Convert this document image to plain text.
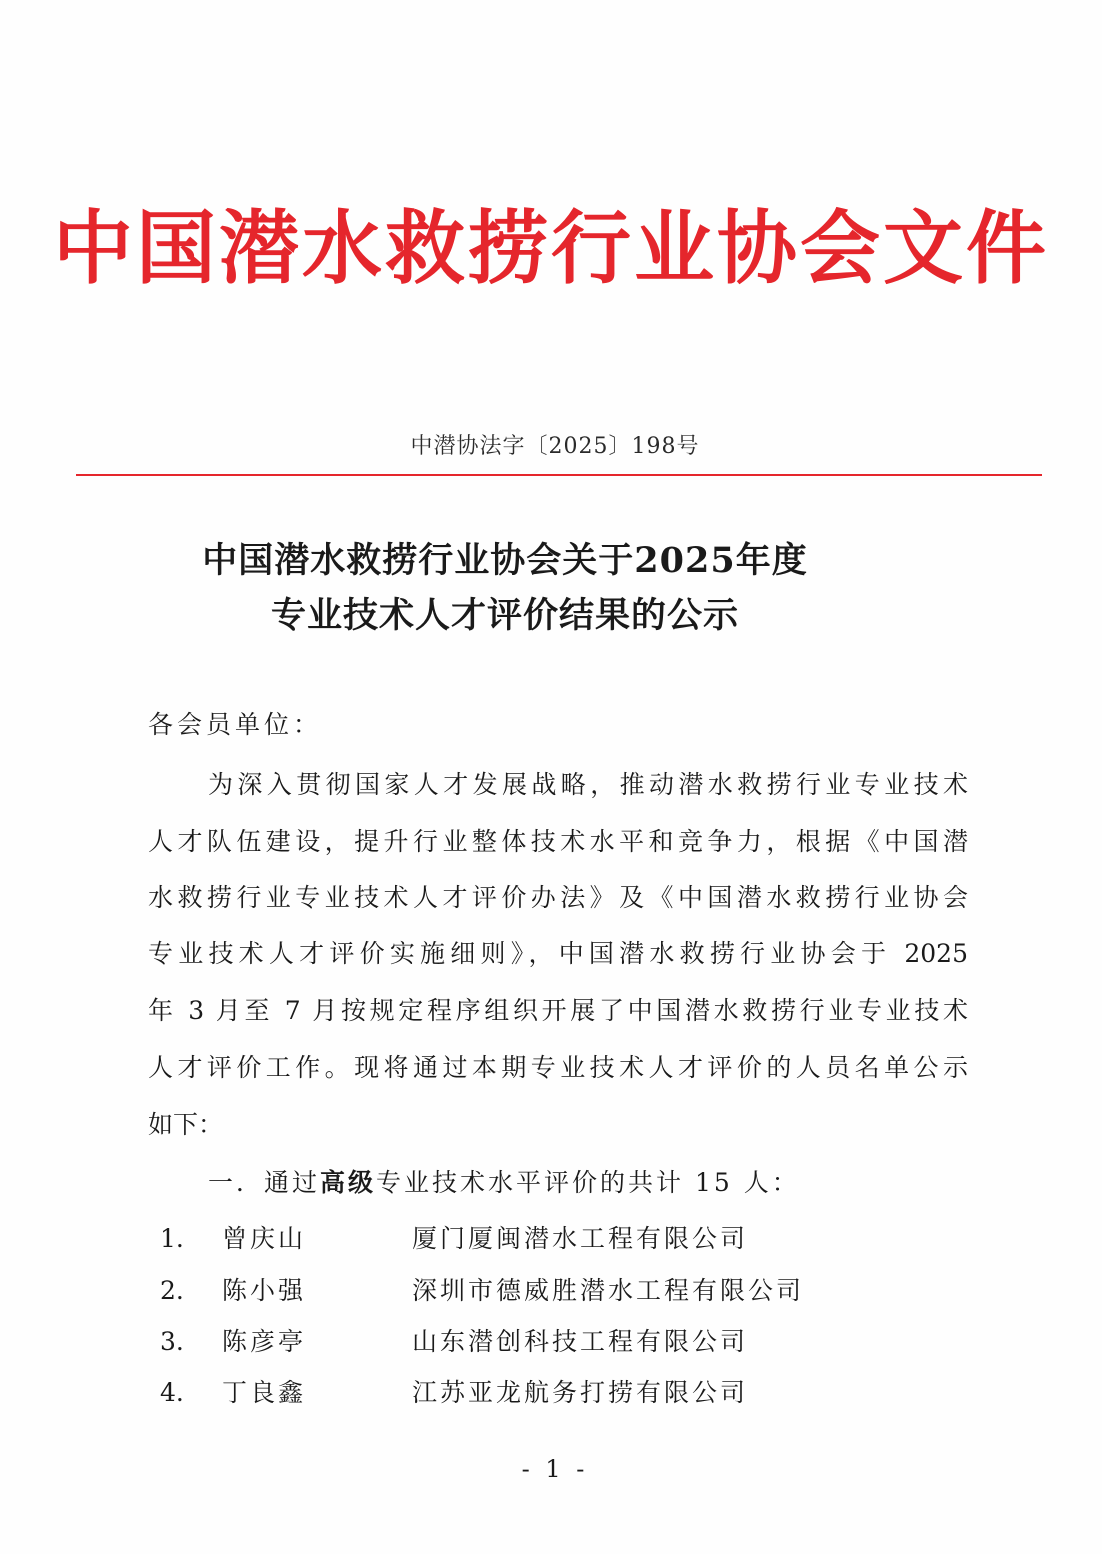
中国潜水救捞行业协会文件
中潜协法字〔2025〕198号
中国潜水救捞行业协会关于2025年度
专业技术人才评价结果的公示
各会员单位：
为深入贯彻国家人才发展战略，推动潜水救捞行业专业技术
人才队伍建设，提升行业整体技术水平和竞争力，根据《中国潜
水救捞行业专业技术人才评价办法》及《中国潜水救捞行业协会
专业技术人才评价实施细则》，中国潜水救捞行业协会于 2025
年 3 月至 7 月按规定程序组织开展了中国潜水救捞行业专业技术
人才评价工作。现将通过本期专业技术人才评价的人员名单公示
如下：
一．通过高级专业技术水平评价的共计 15 人：
1.	曾庆山	厦门厦闽潜水工程有限公司
2.	陈小强	深圳市德威胜潜水工程有限公司
3.	陈彦亭	山东潜创科技工程有限公司
4.	丁良鑫	江苏亚龙航务打捞有限公司
- 1 -
